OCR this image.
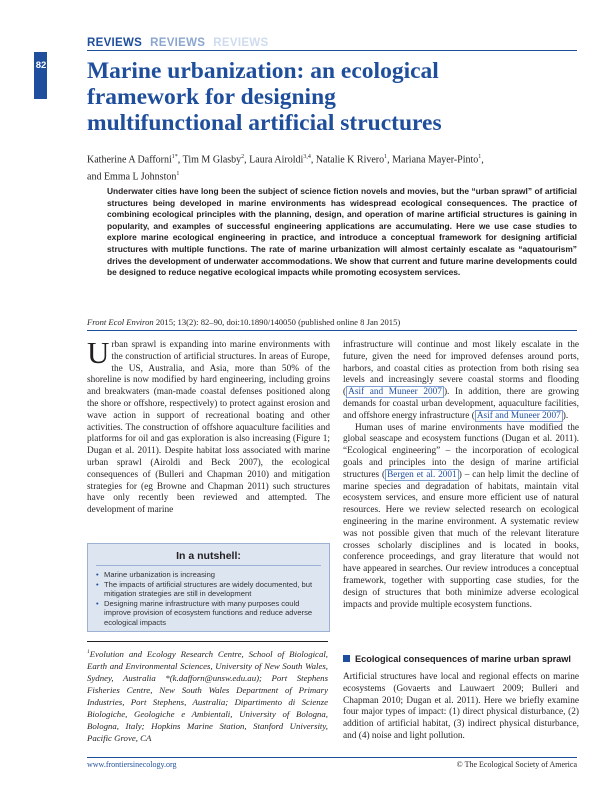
REVIEWS REVIEWS REVIEWS
82 Marine urbanization: an ecological framework for designing multifunctional artificial structures
Katherine A Dafforni$^{1*}$, Tim M Glasby$^2$, Laura Airoldi$^{3,4}$, Natalie K Rivero$^1$, Mariana Mayer-Pinto$^1$,
and Emma L Johnston$^1$
Underwater cities have long been the subject of science fiction novels and movies, but the “urban sprawl” of artificial structures being developed in marine environments has widespread ecological consequences. The practice of combining ecological principles with the planning, design, and operation of marine artificial structures is gaining in popularity, and examples of successful engineering applications are accumulating. Here we use case studies to explore marine ecological engineering in practice, and introduce a conceptual framework for designing artificial structures with multiple functions. The rate of marine urbanization will almost certainly escalate as “aquatourism” drives the development of underwater accommodations. We show that current and future marine developments could be designed to reduce negative ecological impacts while promoting ecosystem services.
Front Ecol Environ 2015; 13(2): 82–90, doi:10.1890/140050 (published online 8 Jan 2015)

Urban sprawl is expanding into marine environments with the construction of artificial structures. In areas of Europe, the US, Australia, and Asia, more than 50% of the shoreline is now modified by hard engineering, including groins and breakwaters (man-made coastal defenses positioned along the shore or offshore, respectively) to protect against erosion and wave action in support of recreational boating and other activities. The construction of offshore aquaculture facilities and platforms for oil and gas exploration is also increasing (Figure 1; Dugan et al. 2011). Despite habitat loss associated with marine urban sprawl (Airoldi and Beck 2007), the ecological consequences of (Bulleri and Chapman 2010) and mitigation strategies for (eg Browne and Chapman 2011) such structures have only recently been reviewed and attempted. The development of marine

In a nutshell:
• Marine urbanization is increasing
• The impacts of artificial structures are widely documented, but mitigation strategies are still in development
• Designing marine infrastructure with many purposes could improve provision of ecosystem functions and reduce adverse ecological impacts
$^1$Evolution and Ecology Research Centre, School of Biological, Earth and Environmental Sciences, University of New South Wales, Sydney, Australia *(k.dafforn@unsw.edu.au); Port Stephens Fisheries Centre, New South Wales Department of Primary Industries, Port Stephens, Australia; Dipartimento di Scienze Biologiche, Geologiche e Ambientali, University of Bologna, Bologna, Italy; Hopkins Marine Station, Stanford University, Pacific Grove, CA

infrastructure will continue and most likely escalate in the future, given the need for improved defenses around ports, harbors, and coastal cities as protection from both rising sea levels and increasingly severe coastal storms and flooding ( Asif and Muneer 2007 ). In addition, there are growing demands for coastal urban development, aquaculture facilities, and offshore energy infrastructure ( Asif and Muneer 2007 ).

Human uses of marine environments have modified the global seascape and ecosystem functions (Dugan et al. 2011). “Ecological engineering” – the incorporation of ecological goals and principles into the design of marine artificial structures ( Bergen et al. 2001 ) – can help limit the decline of marine species and degradation of habitats, maintain vital ecosystem services, and ensure more efficient use of natural resources. Here we review selected research on ecological engineering in the marine environment. A systematic review was not possible given that much of the relevant literature crosses scholarly disciplines and is located in books, conference proceedings, and gray literature that would not have appeared in searches. Our review introduces a conceptual framework, together with supporting case studies, for the design of structures that both minimize adverse ecological impacts and provide multiple ecosystem functions.

Ecological consequences of marine urban sprawl

Artificial structures have local and regional effects on marine ecosystems (Govaerts and Lauwaert 2009; Bulleri and Chapman 2010; Dugan et al. 2011). Here we briefly examine four major types of impact: (1) direct physical disturbance, (2) addition of artificial habitat, (3) indirect physical disturbance, and (4) noise and light pollution.

www.frontiersinecology.org	© The Ecological Society of America
